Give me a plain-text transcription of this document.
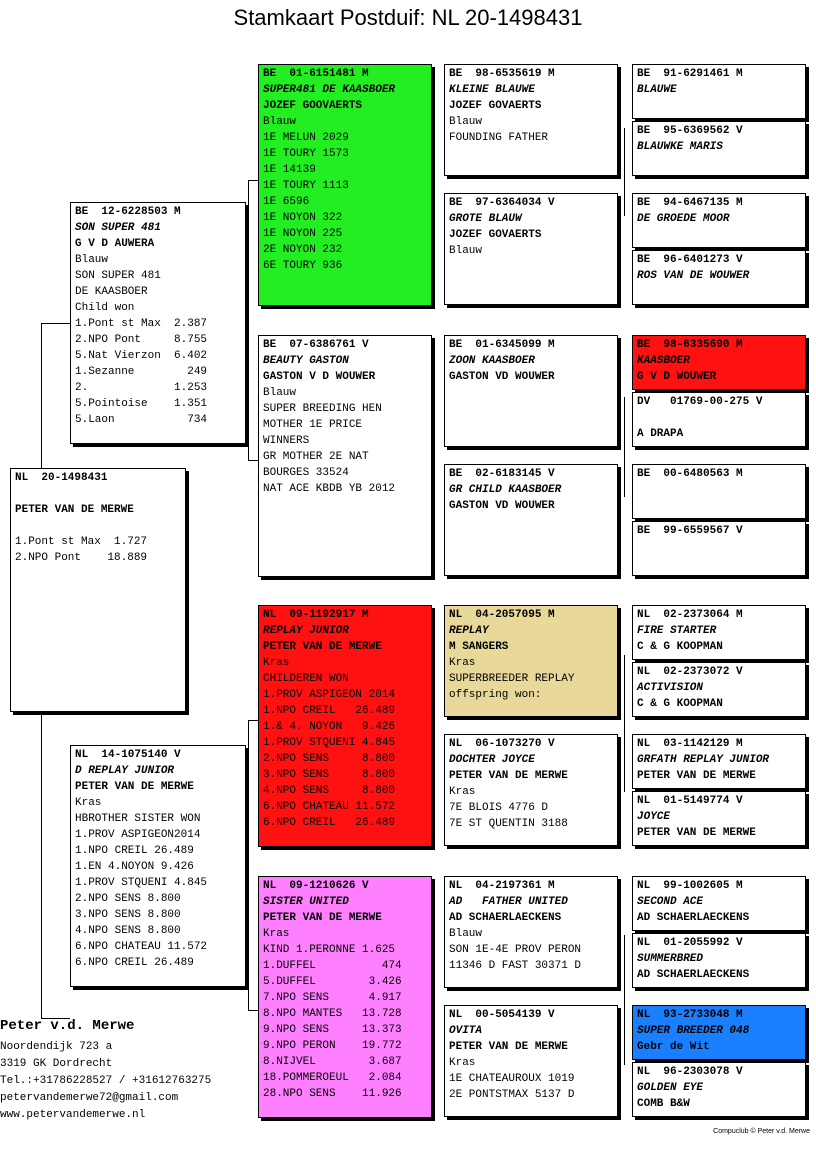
Stamkaart Postduif: NL 20-1498431
NL  20-1498431
PETER VAN DE MERWE
1.Pont st Max  1.727
2.NPO Pont    18.889
BE  12-6228503 M
SON SUPER 481
G V D AUWERA
Blauw
SON SUPER 481
DE KAASBOER
Child won
1.Pont st Max  2.387
2.NPO Pont     8.755
5.Nat Vierzon  6.402
1.Sezanne        249
2.             1.253
5.Pointoise    1.351
5.Laon           734
NL  14-1075140 V
D REPLAY JUNIOR
PETER VAN DE MERWE
Kras
HBROTHER SISTER WON
1.PROV ASPIGEON2014
1.NPO CREIL 26.489
1.EN 4.NOYON 9.426
1.PROV STQUENI 4.845
2.NPO SENS 8.800
3.NPO SENS 8.800
4.NPO SENS 8.800
6.NPO CHATEAU 11.572
6.NPO CREIL 26.489
BE  01-6151481 M
SUPER481 DE KAASBOER
JOZEF GOOVAERTS
Blauw
1E MELUN 2029
1E TOURY 1573
1E 14139
1E TOURY 1113
1E 6596
1E NOYON 322
1E NOYON 225
2E NOYON 232
6E TOURY 936
BE  07-6386761 V
BEAUTY GASTON
GASTON V D WOUWER
Blauw
SUPER BREEDING HEN
MOTHER 1E PRICE
WINNERS
GR MOTHER 2E NAT
BOURGES 33524
NAT ACE KBDB YB 2012
NL  09-1192917 M
REPLAY JUNIOR
PETER VAN DE MERWE
Kras
CHILDEREN WON
1.PROV ASPIGEON 2014
1.NPO CREIL   26.489
1.& 4. NOYON   9.426
1.PROV STQUENI 4.845
2.NPO SENS     8.800
3.NPO SENS     8.800
4.NPO SENS     8.800
6.NPO CHATEAU 11.572
6.NPO CREIL   26.489
NL  09-1210626 V
SISTER UNITED
PETER VAN DE MERWE
Kras
KIND 1.PERONNE 1.625
1.DUFFEL          474
5.DUFFEL        3.426
7.NPO SENS      4.917
8.NPO MANTES   13.728
9.NPO SENS     13.373
9.NPO PERON    19.772
8.NIJVEL        3.687
18.POMMEROEUL   2.084
28.NPO SENS    11.926
BE  98-6535619 M
KLEINE BLAUWE
JOZEF GOVAERTS
Blauw
FOUNDING FATHER
BE  97-6364034 V
GROTE BLAUW
JOZEF GOVAERTS
Blauw
BE  01-6345099 M
ZOON KAASBOER
GASTON VD WOUWER
BE  02-6183145 V
GR CHILD KAASBOER
GASTON VD WOUWER
NL  04-2057095 M
REPLAY
M SANGERS
Kras
SUPERBREEDER REPLAY
offspring won:
NL  06-1073270 V
DOCHTER JOYCE
PETER VAN DE MERWE
Kras
7E BLOIS 4776 D
7E ST QUENTIN 3188
NL  04-2197361 M
AD   FATHER UNITED
AD SCHAERLAECKENS
Blauw
SON 1E-4E PROV PERON
11346 D FAST 30371 D
NL  00-5054139 V
OVITA
PETER VAN DE MERWE
Kras
1E CHATEAUROUX 1019
2E PONTSTMAX 5137 D
BE  91-6291461 M
BLAUWE
BE  95-6369562 V
BLAUWKE MARIS
BE  94-6467135 M
DE GROEDE MOOR
BE  96-6401273 V
ROS VAN DE WOUWER
BE  98-6335690 M
KAASBOER
G V D WOUWER
DV   01769-00-275 V
A DRAPA
BE  00-6480563 M
BE  99-6559567 V
NL  02-2373064 M
FIRE STARTER
C & G KOOPMAN
NL  02-2373072 V
ACTIVISION
C & G KOOPMAN
NL  03-1142129 M
GRFATH REPLAY JUNIOR
PETER VAN DE MERWE
NL  01-5149774 V
JOYCE
PETER VAN DE MERWE
NL  99-1002605 M
SECOND ACE
AD SCHAERLAECKENS
NL  01-2055992 V
SUMMERBRED
AD SCHAERLAECKENS
NL  93-2733048 M
SUPER BREEDER 048
Gebr de Wit
NL  96-2303078 V
GOLDEN EYE
COMB B&W
Peter v.d. Merwe
Noordendijk 723 a
3319 GK Dordrecht
Tel.:+31786228527 / +31612763275
petervandemerwe72@gmail.com
www.petervandemerwe.nl
Compuclub © Peter v.d. Merwe
